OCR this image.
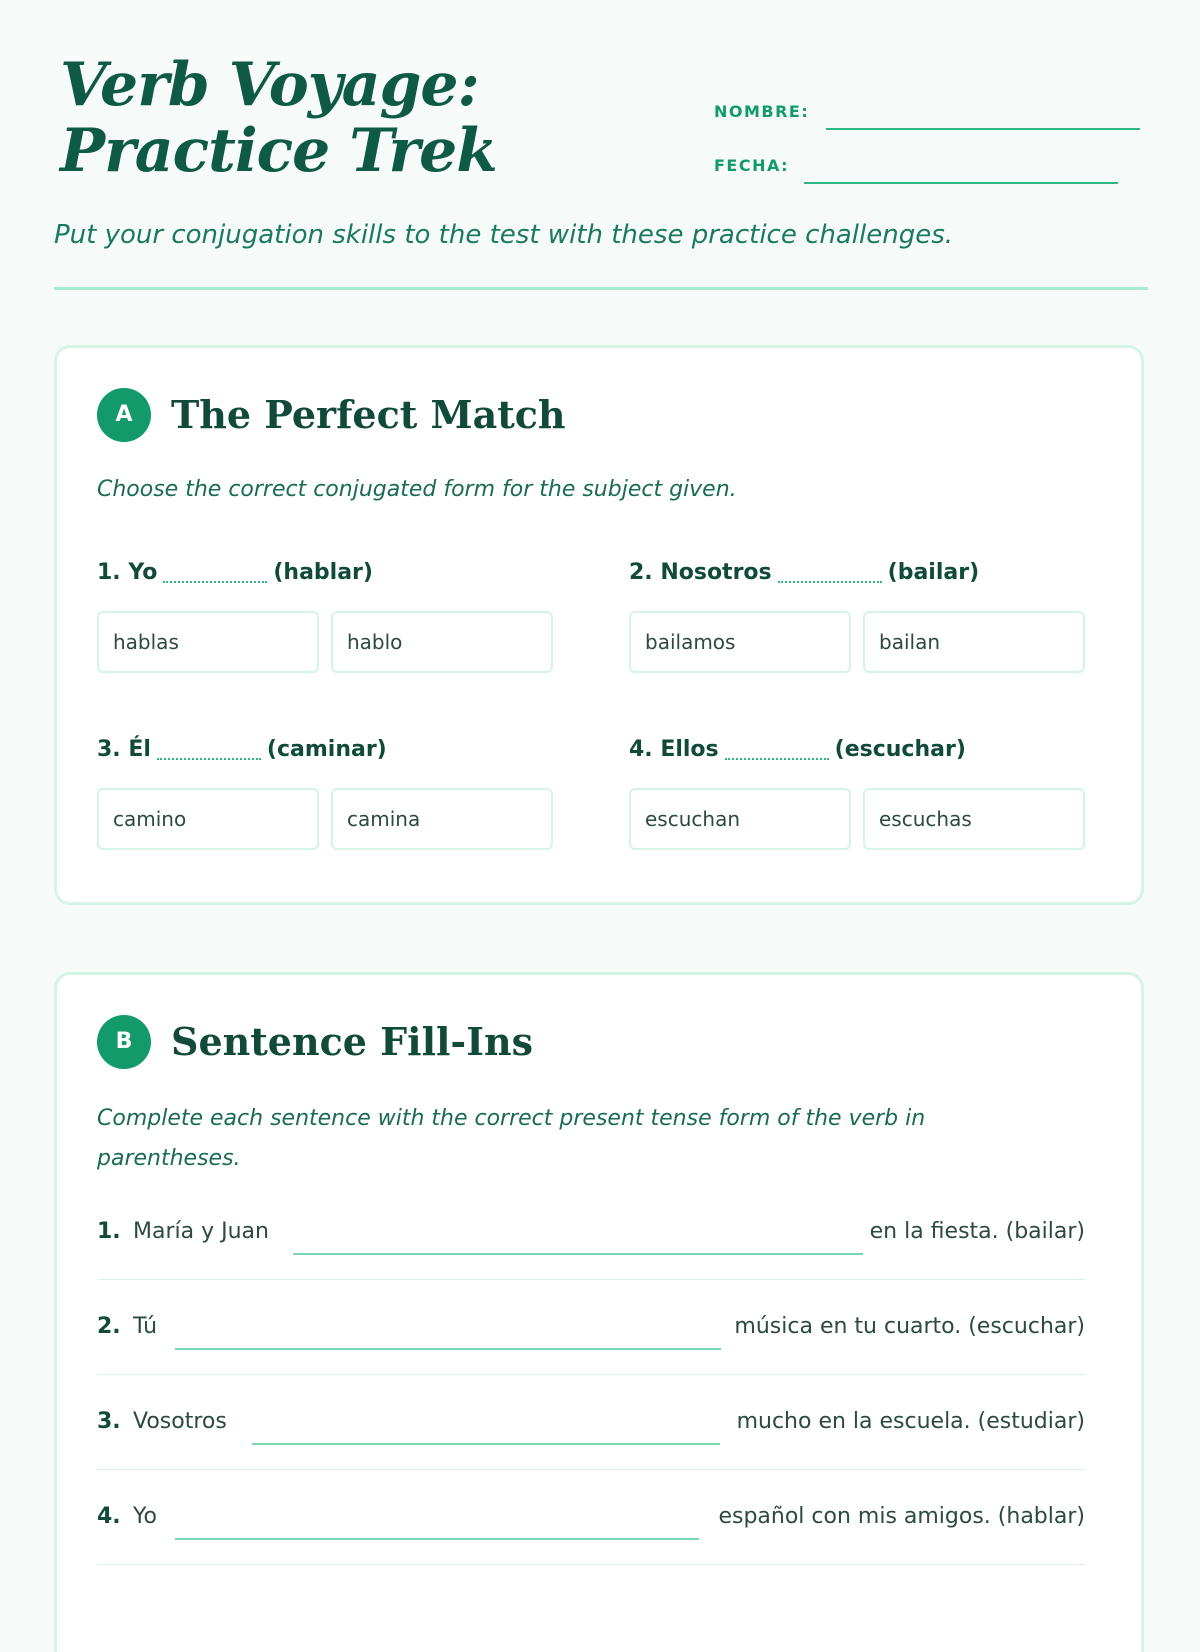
Verb Voyage: Practice Trek
NOMBRE:
FECHA:

Put your conjugation skills to the test with these practice challenges.

A	The Perfect Match

Choose the correct conjugated form for the subject given.

1. Yo	(hablar)
hablas	hablo
2. Nosotros	(bailar)
bailamos	bailan
3. Él	(caminar)
camino	camina
4. Ellos	(escuchar)
escuchan	escuchas
B	Sentence Fill-Ins

Complete each sentence with the correct present tense form of the verb in parentheses.

1. María y Juan	en la fiesta. (bailar)
2. Tú	música en tu cuarto. (escuchar)
3. Vosotros	mucho en la escuela. (estudiar)
4. Yo	español con mis amigos. (hablar)
